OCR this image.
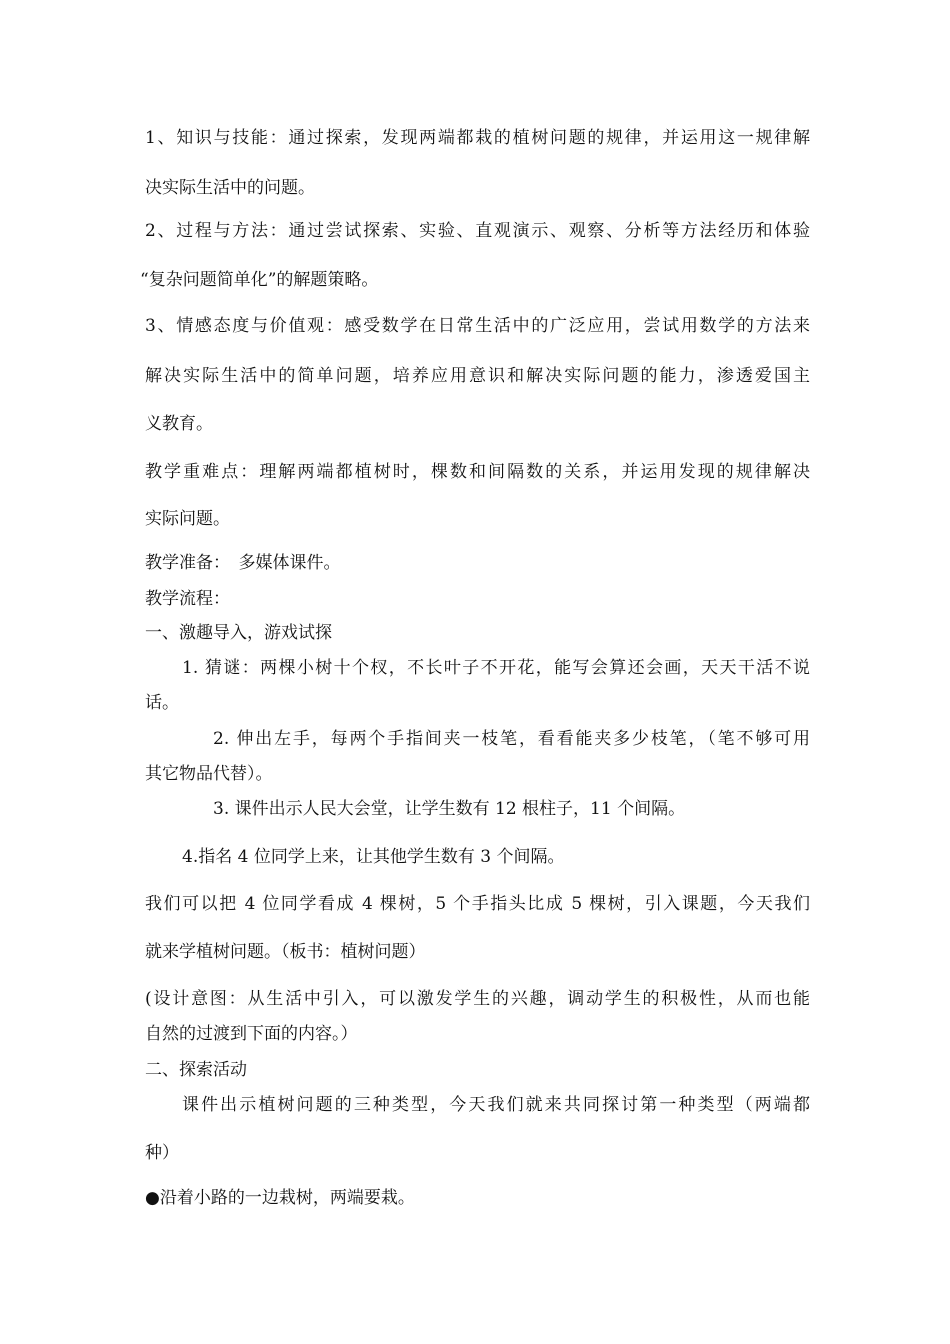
1、知识与技能：通过探索，发现两端都栽的植树问题的规律，并运用这一规律解
决实际生活中的问题。
2、过程与方法：通过尝试探索、实验、直观演示、观察、分析等方法经历和体验
“复杂问题简单化”的解题策略。
3、情感态度与价值观：感受数学在日常生活中的广泛应用，尝试用数学的方法来
解决实际生活中的简单问题，培养应用意识和解决实际问题的能力，渗透爱国主
义教育。
教学重难点：理解两端都植树时，棵数和间隔数的关系，并运用发现的规律解决
实际问题。
教学准备：　多媒体课件。
教学流程：
一、激趣导入，游戏试探
1. 猜谜：两棵小树十个杈，不长叶子不开花，能写会算还会画，天天干活不说
话。
2. 伸出左手，每两个手指间夹一枝笔，看看能夹多少枝笔，（笔不够可用
其它物品代替）。
3. 课件出示人民大会堂，让学生数有 12 根柱子，11 个间隔。
4.指名 4 位同学上来，让其他学生数有 3 个间隔。
我们可以把 4 位同学看成 4 棵树，5 个手指头比成 5 棵树，引入课题，今天我们
就来学植树问题。（板书：植树问题）
(设计意图：从生活中引入，可以激发学生的兴趣，调动学生的积极性，从而也能
自然的过渡到下面的内容。）
二、探索活动
课件出示植树问题的三种类型，今天我们就来共同探讨第一种类型（两端都
种）
●沿着小路的一边栽树，两端要栽。
